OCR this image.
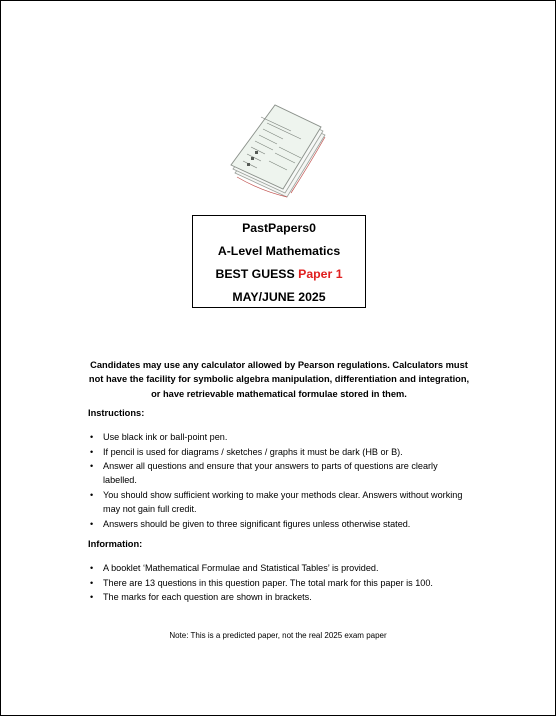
PastPapers0
A-Level Mathematics
BEST GUESS Paper 1
MAY/JUNE 2025
Candidates may use any calculator allowed by Pearson regulations. Calculators must not have the facility for symbolic algebra manipulation, differentiation and integration, or have retrievable mathematical formulae stored in them.
Instructions:
• Use black ink or ball-point pen.
• If pencil is used for diagrams / sketches / graphs it must be dark (HB or B).
• Answer all questions and ensure that your answers to parts of questions are clearly labelled.
• You should show sufficient working to make your methods clear. Answers without working may not gain full credit.
• Answers should be given to three significant figures unless otherwise stated.
Information:
• A booklet ‘Mathematical Formulae and Statistical Tables’ is provided.
• There are 13 questions in this question paper. The total mark for this paper is 100.
• The marks for each question are shown in brackets.
Note: This is a predicted paper, not the real 2025 exam paper
